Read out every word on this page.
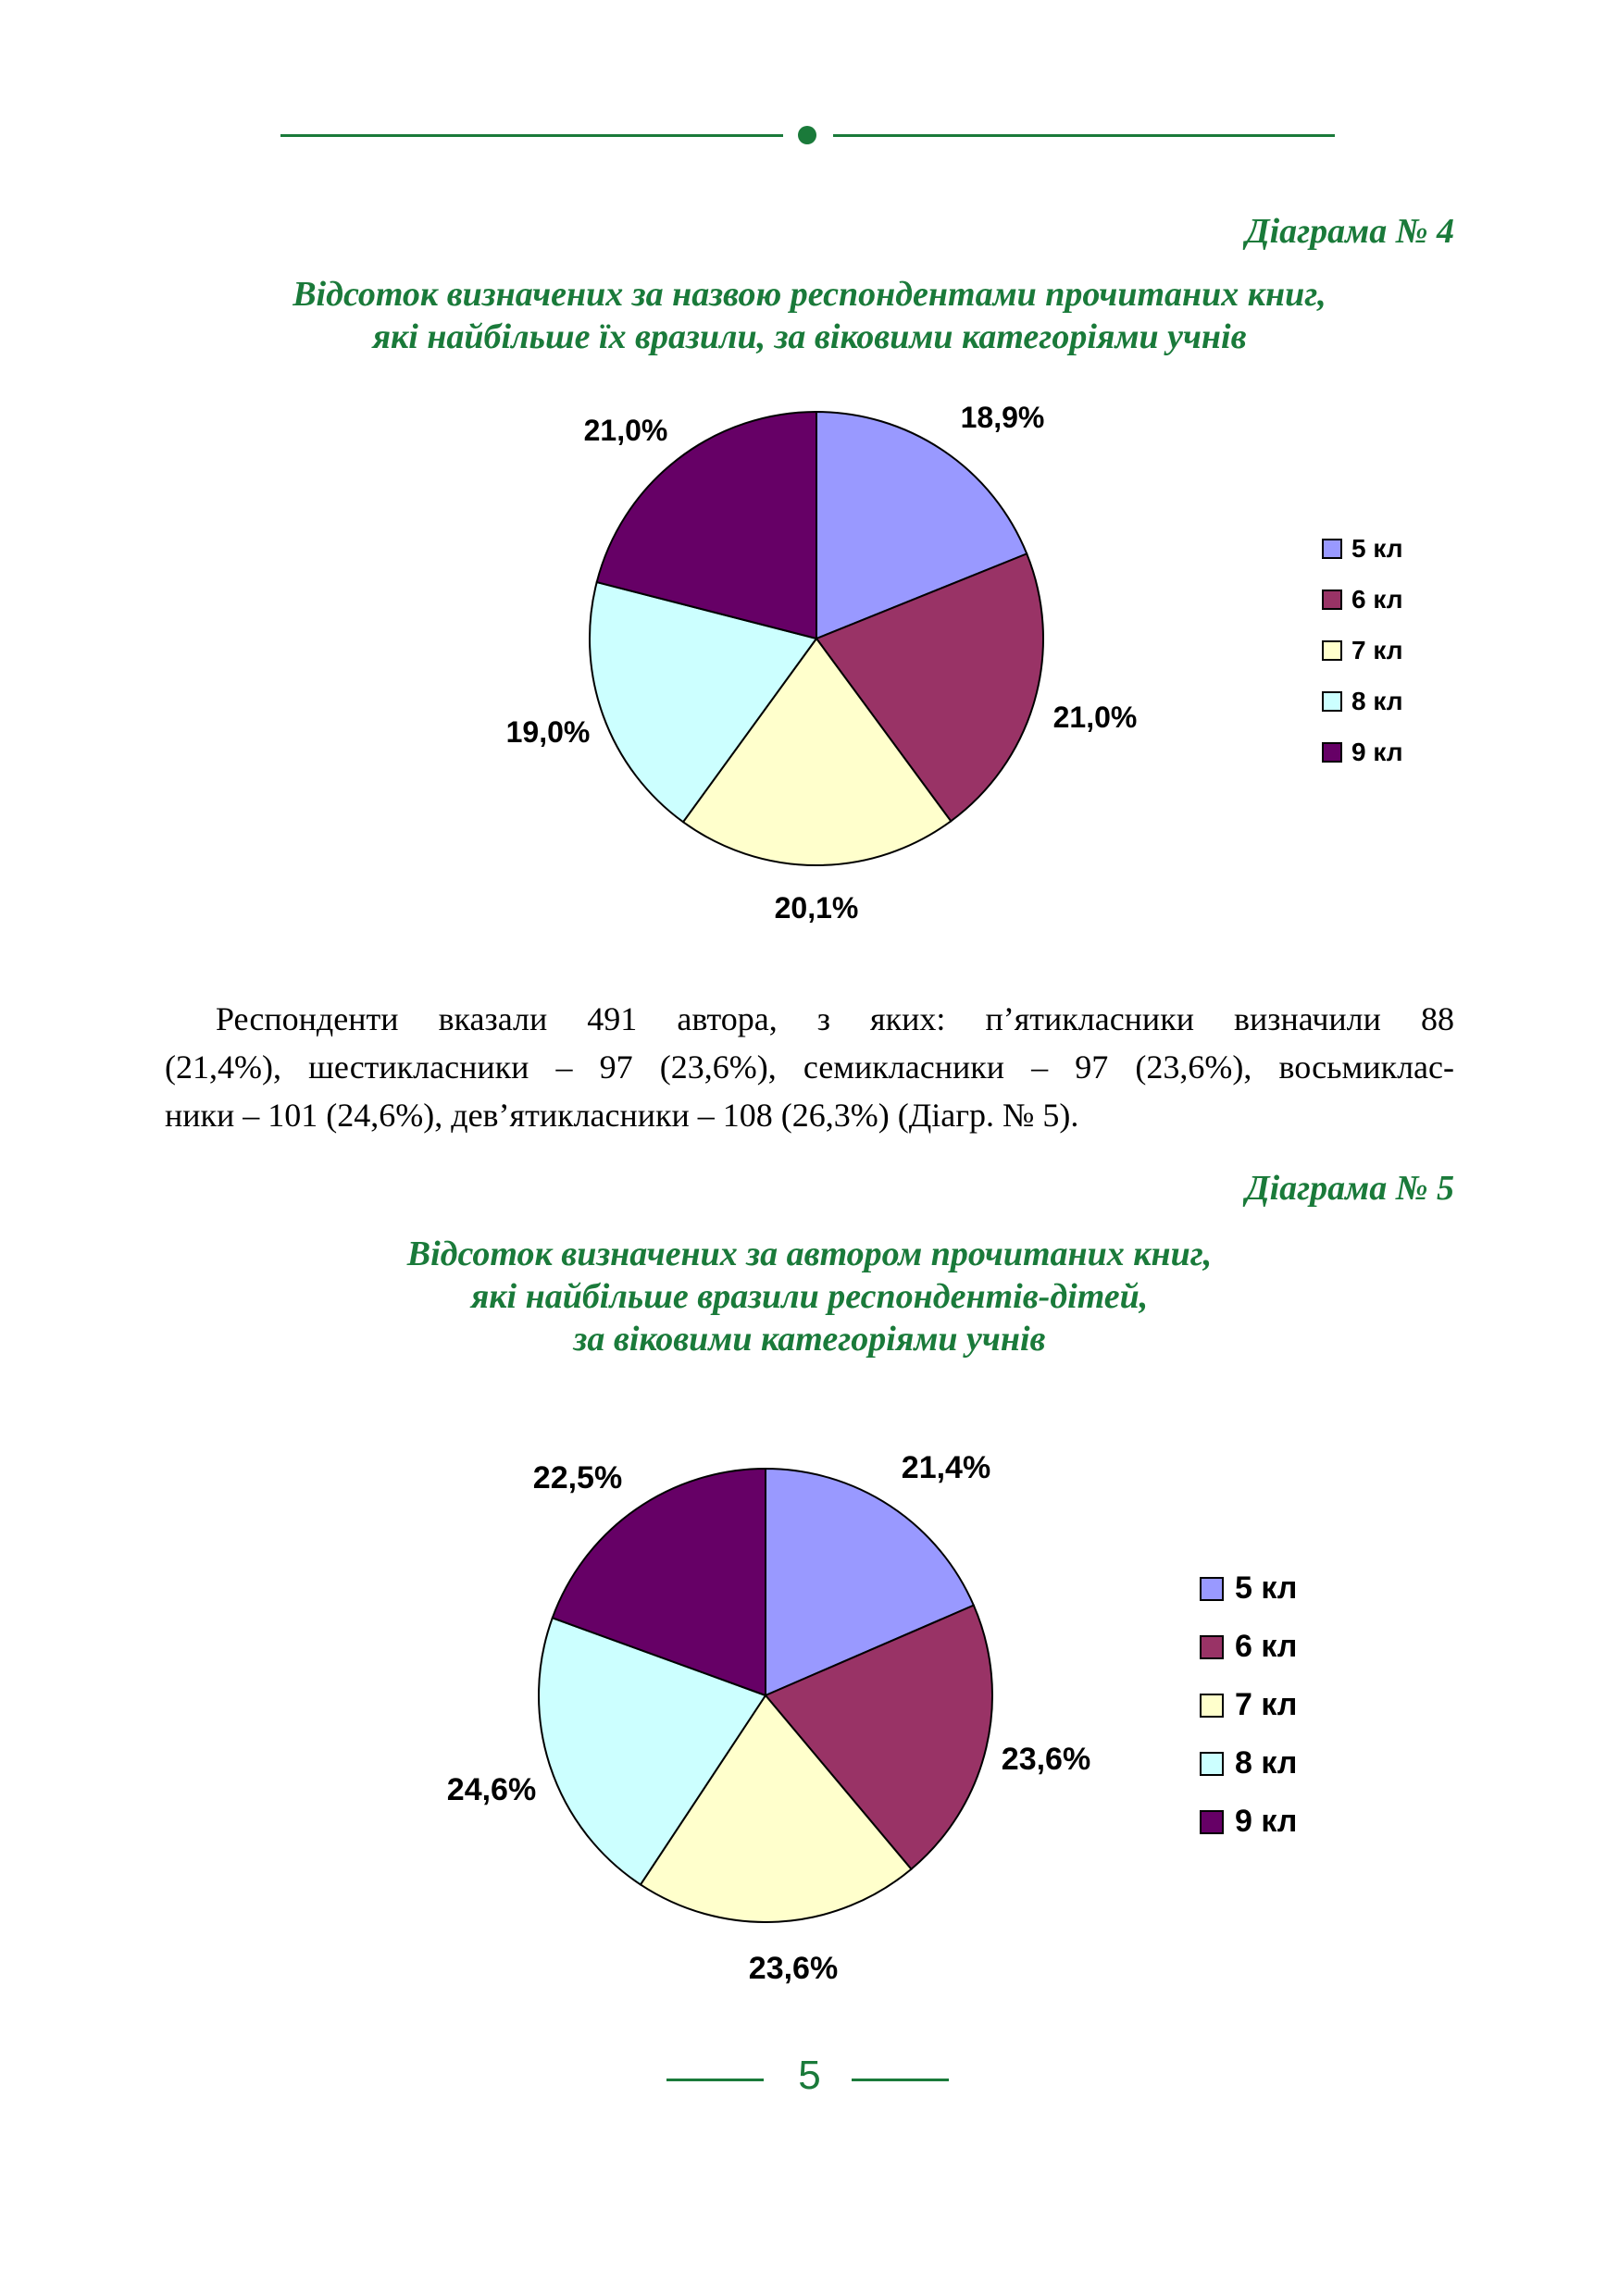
Діаграма № 4
Відсоток визначених за назвою респондентами прочитаних книг,
які найбільше їх вразили, за віковими категоріями учнів
18,9%
21,0%
20,1%
19,0%
21,0%
5 кл
6 кл
7 кл
8 кл
9 кл
Респонденти вказали 491 автора, з яких: п’ятикласники визначили 88
(21,4%), шестикласники – 97 (23,6%), семикласники – 97 (23,6%), восьмиклас-
ники – 101 (24,6%), дев’ятикласники – 108 (26,3%) (Діагр. № 5).
Діаграма № 5
Відсоток визначених за автором прочитаних книг,
які найбільше вразили респондентів-дітей,
за віковими категоріями учнів
21,4%
23,6%
23,6%
24,6%
22,5%
5 кл
6 кл
7 кл
8 кл
9 кл
5
